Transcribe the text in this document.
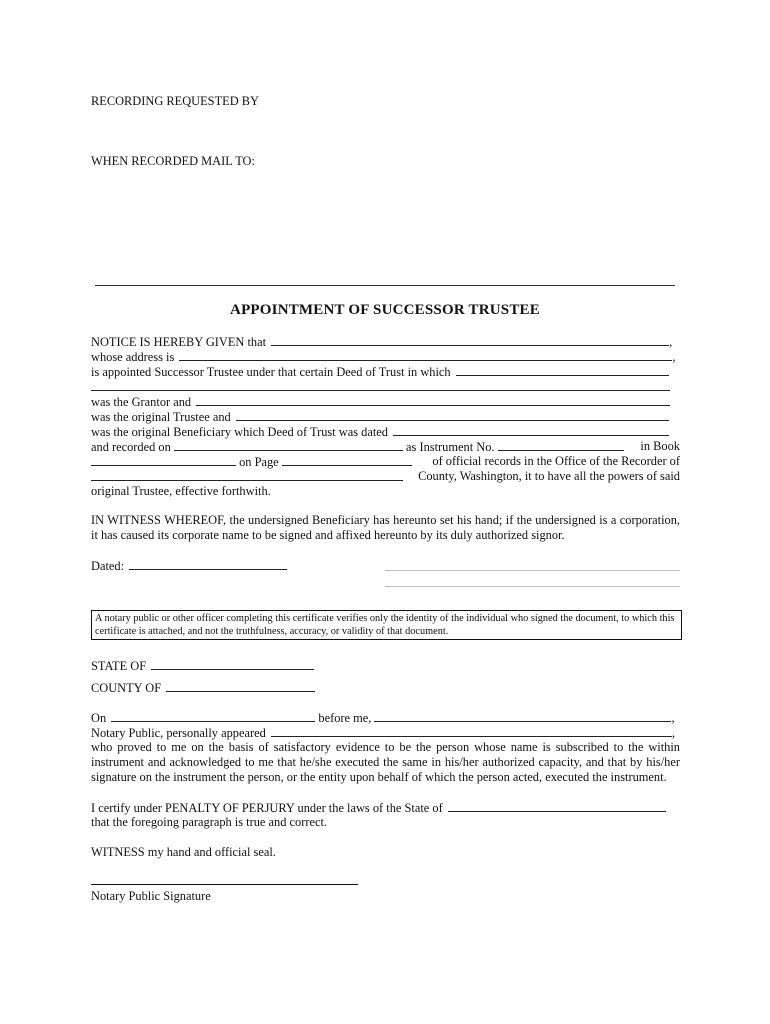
RECORDING REQUESTED BY
WHEN RECORDED MAIL TO:
APPOINTMENT OF SUCCESSOR TRUSTEE
NOTICE IS HEREBY GIVEN that	,
whose address is	,
is appointed Successor Trustee under that certain Deed of Trust in which
was the Grantor and
was the original Trustee and
was the original Beneficiary which Deed of Trust was dated
and recorded on	as Instrument No.	in Book
on Page	of official records in the Office of the Recorder of
County, Washington, it to have all the powers of said
original Trustee, effective forthwith.
IN WITNESS WHEREOF, the undersigned Beneficiary has hereunto set his hand; if the undersigned is a corporation, it has caused its corporate name to be signed and affixed hereunto by its duly authorized signor.
Dated:
A notary public or other officer completing this certificate verifies only the identity of the individual who signed the document, to which this certificate is attached, and not the truthfulness, accuracy, or validity of that document.
STATE OF
COUNTY OF
On	before me,	,
Notary Public, personally appeared	,
who proved to me on the basis of satisfactory evidence to be the person whose name is subscribed to the within instrument and acknowledged to me that he/she executed the same in his/her authorized capacity, and that by his/her signature on the instrument the person, or the entity upon behalf of which the person acted, executed the instrument.
I certify under PENALTY OF PERJURY under the laws of the State of
that the foregoing paragraph is true and correct.
WITNESS my hand and official seal.
Notary Public Signature
